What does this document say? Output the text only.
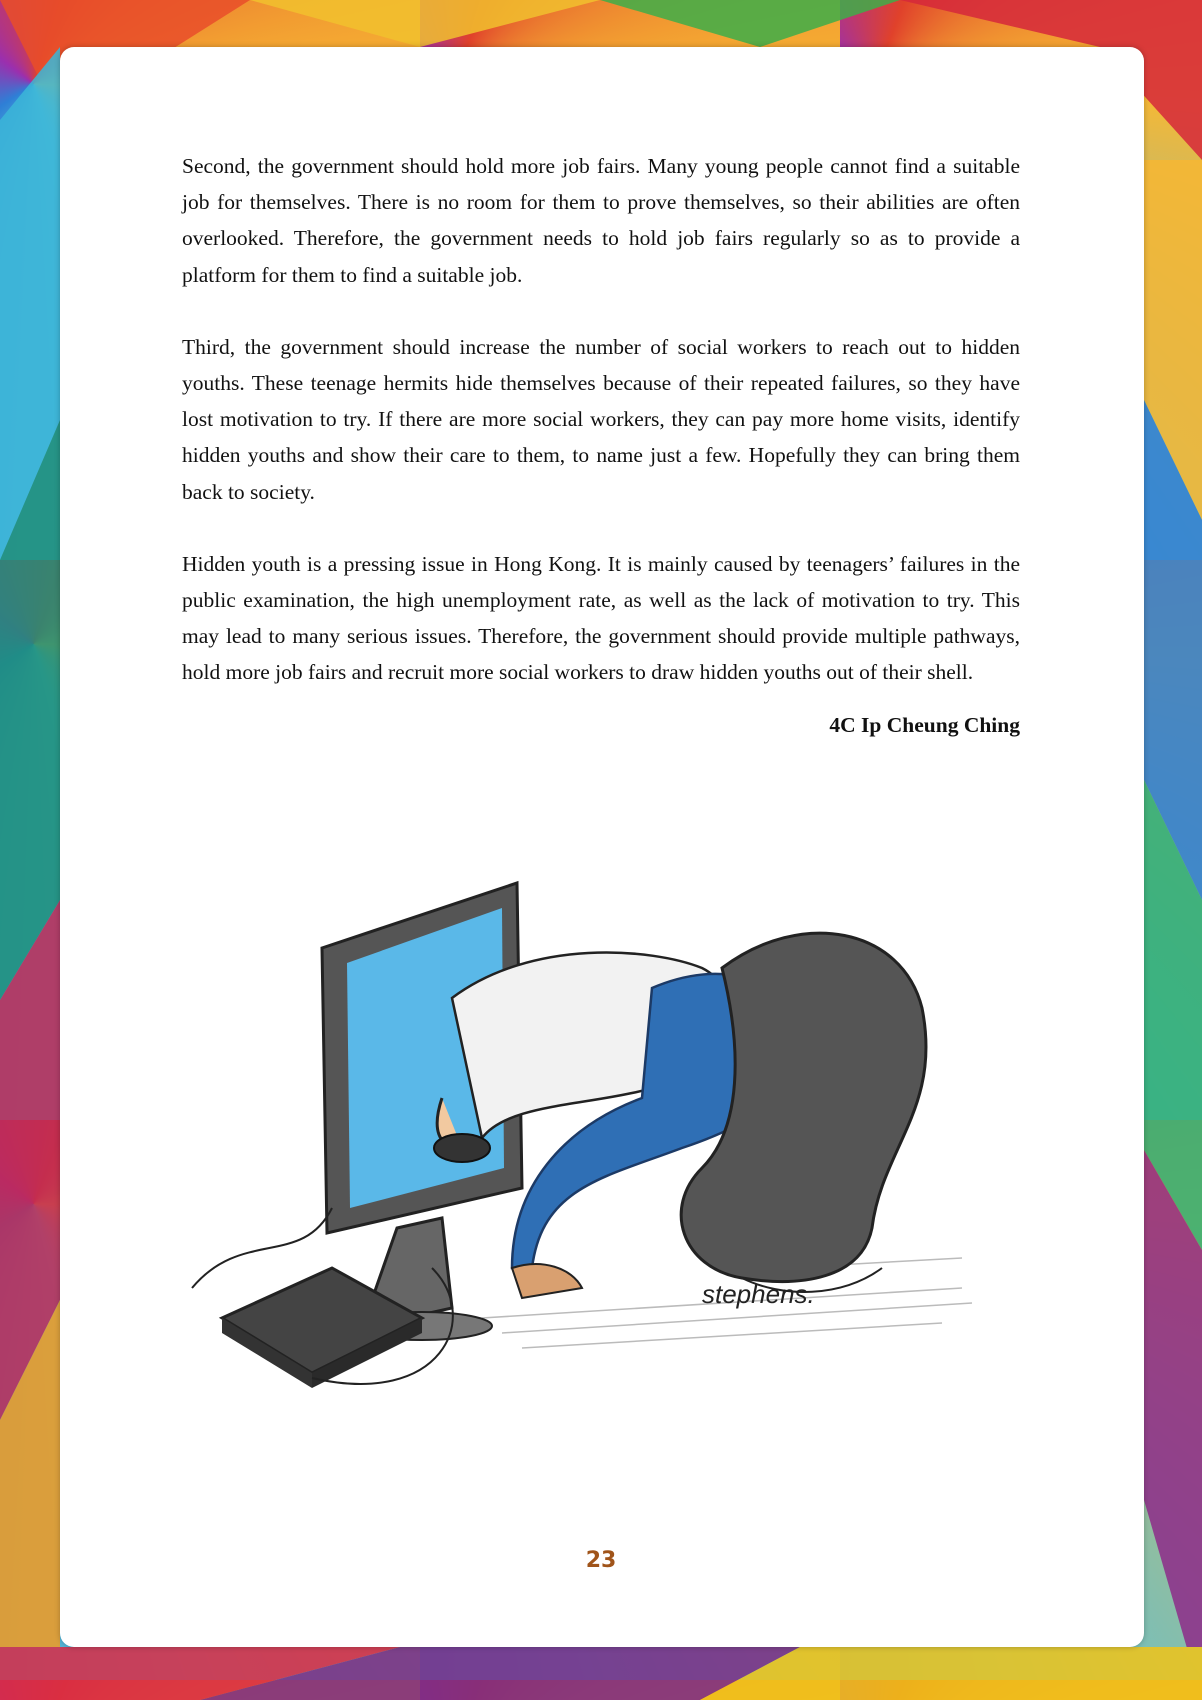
Second, the government should hold more job fairs. Many young people cannot find a suitable job for themselves. There is no room for them to prove themselves, so their abilities are often overlooked. Therefore, the government needs to hold job fairs regularly so as to provide a platform for them to find a suitable job.

Third, the government should increase the number of social workers to reach out to hidden youths. These teenage hermits hide themselves because of their repeated failures, so they have lost motivation to try. If there are more social workers, they can pay more home visits, identify hidden youths and show their care to them, to name just a few. Hopefully they can bring them back to society.

Hidden youth is a pressing issue in Hong Kong. It is mainly caused by teenagers’ failures in the public examination, the high unemployment rate, as well as the lack of motivation to try. This may lead to many serious issues. Therefore, the government should provide multiple pathways, hold more job fairs and recruit more social workers to draw hidden youths out of their shell.

4C Ip Cheung Ching
stephens.
23
